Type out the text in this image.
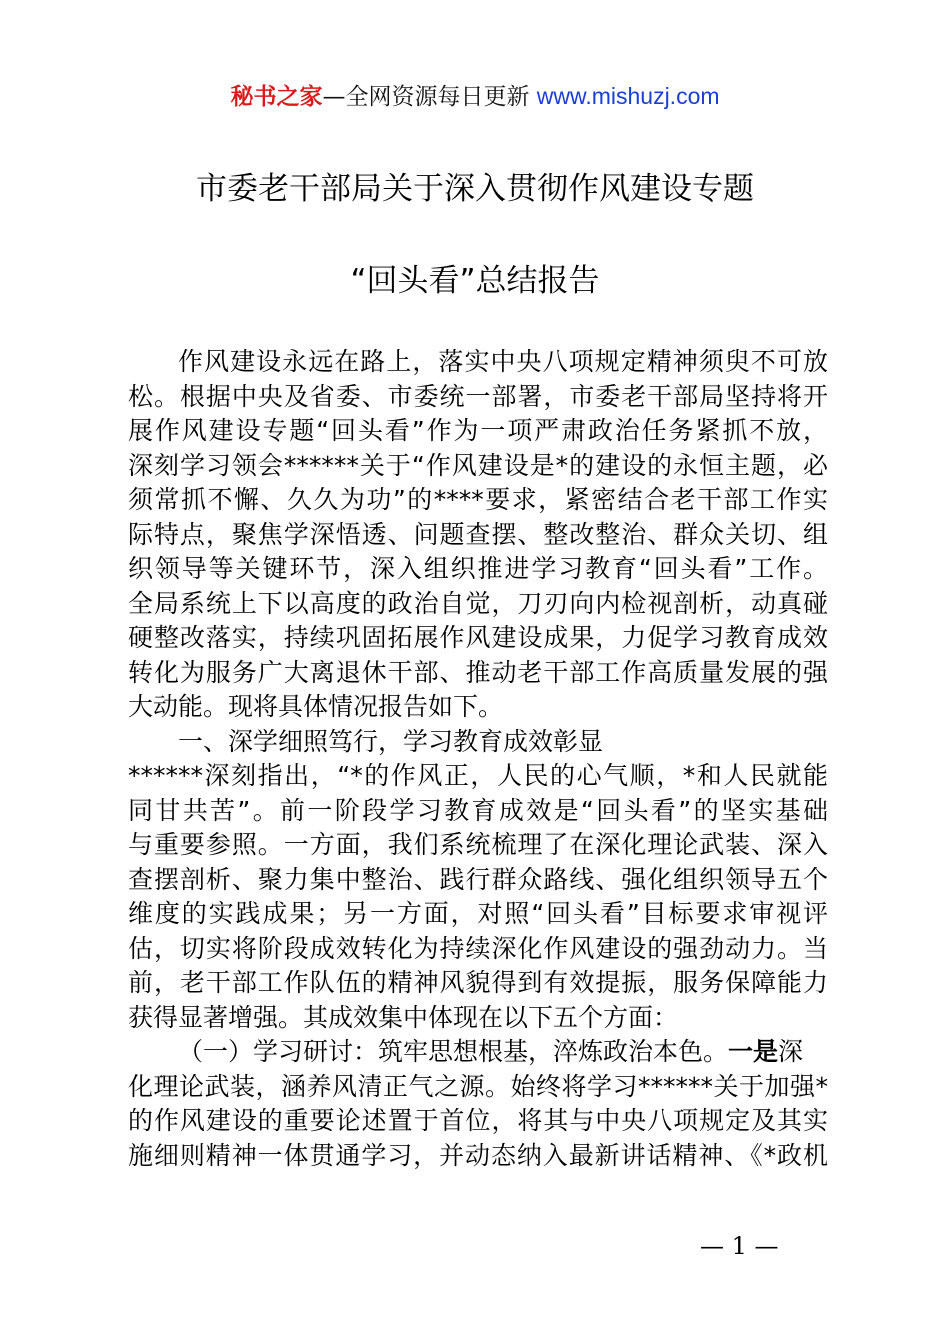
秘书之家—全网资源每日更新 www.mishuzj.com
市委老干部局关于深入贯彻作风建设专题
“回头看”总结报告
作风建设永远在路上，落实中央八项规定精神须臾不可放
松。根据中央及省委、市委统一部署，市委老干部局坚持将开
展作风建设专题“回头看”作为一项严肃政治任务紧抓不放，
深刻学习领会******关于“作风建设是*的建设的永恒主题，必
须常抓不懈、久久为功”的****要求，紧密结合老干部工作实
际特点，聚焦学深悟透、问题查摆、整改整治、群众关切、组
织领导等关键环节，深入组织推进学习教育“回头看”工作。
全局系统上下以高度的政治自觉，刀刃向内检视剖析，动真碰
硬整改落实，持续巩固拓展作风建设成果，力促学习教育成效
转化为服务广大离退休干部、推动老干部工作高质量发展的强
大动能。现将具体情况报告如下。
一、深学细照笃行，学习教育成效彰显
******深刻指出，“*的作风正，人民的心气顺，*和人民就能
同甘共苦”。前一阶段学习教育成效是“回头看”的坚实基础
与重要参照。一方面，我们系统梳理了在深化理论武装、深入
查摆剖析、聚力集中整治、践行群众路线、强化组织领导五个
维度的实践成果；另一方面，对照“回头看”目标要求审视评
估，切实将阶段成效转化为持续深化作风建设的强劲动力。当
前，老干部工作队伍的精神风貌得到有效提振，服务保障能力
获得显著增强。其成效集中体现在以下五个方面：
（一）学习研讨：筑牢思想根基，淬炼政治本色。一是深
化理论武装，涵养风清正气之源。始终将学习******关于加强*
的作风建设的重要论述置于首位，将其与中央八项规定及其实
施细则精神一体贯通学习，并动态纳入最新讲话精神、《*政机
— 1 —
